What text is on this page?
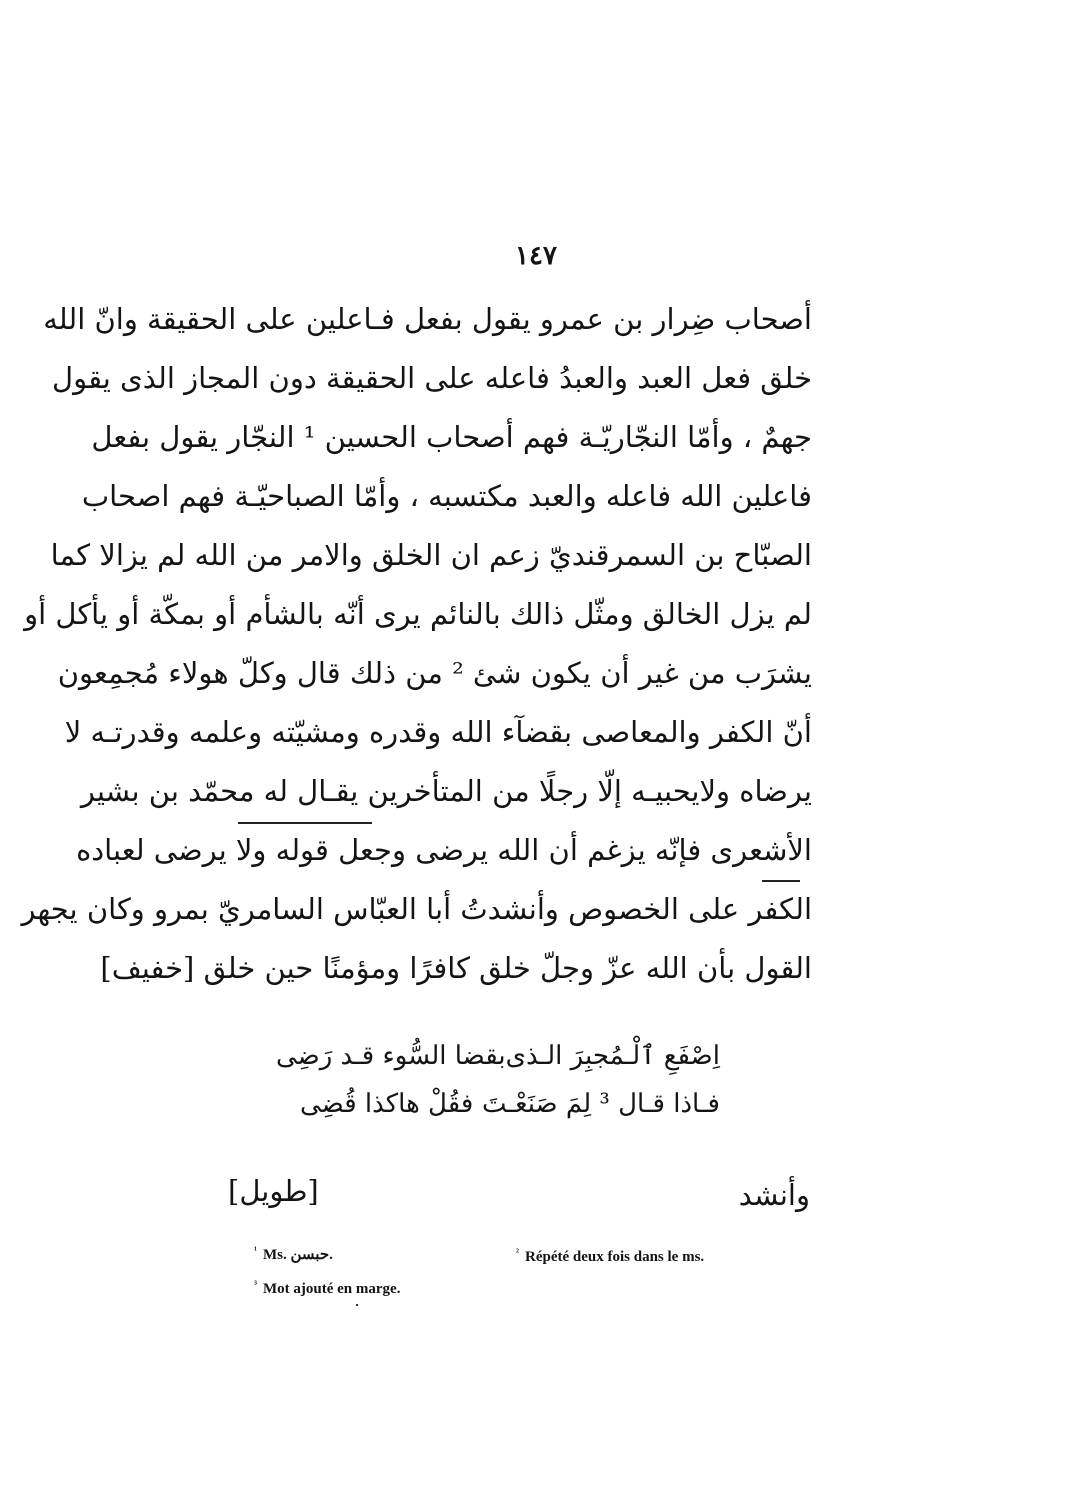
١٤٧
أصحاب ضِرار بن عمرو يقول بفعل فـاعلين على الحقيقة وانّ الله
خلق فعل العبد والعبدُ فاعله على الحقيقة دون المجاز الذى يقول
جهمٌ ، وأمّا النجّاريّـة فهم أصحاب الحسين ¹ النجّار يقول بفعل
فاعلين الله فاعله والعبد مكتسبه ، وأمّا الصباحيّـة فهم اصحاب
الصبّاح بن السمرقنديّ زعم ان الخلق والامر من الله لم يزالا كما
لم يزل الخالق ومثّل ذالك بالنائم يرى أنّه بالشأم أو بمكّة أو يأكل أو
يشرَب من غير أن يكون شئ ² من ذلك قال وكلّ هولاء مُجمِعون
أنّ الكفر والمعاصى بقضآء الله وقدره ومشيّته وعلمه وقدرتـه لا
يرضاه ولايحبيـه إلّا رجلًا من المتأخرين يقـال له محمّد بن بشير
الأشعرى فإنّه يزغم أن الله يرضى وجعل قوله ولا يرضى لعباده
الكفر على الخصوص وأنشدتُ أبا العبّاس السامريّ بمرو وكان يجهر
القول بأن الله عزّ وجلّ خلق كافرًا ومؤمنًا حين خلق [خفيف]
اِصْفَعِ ٱلْـمُجبِرَ الـذى
بقضا السُّوء قـد رَضِى
فـاذا قـال ³ لِمَ صَنَعْـتَ
فقُلْ هاكذا قُضِى
[طويل]	وأنشد
$^{^1}$ Ms. حبسن.	$^{^2}$ Répété deux fois dans le ms.
$^{^3}$ Mot ajouté en marge.
